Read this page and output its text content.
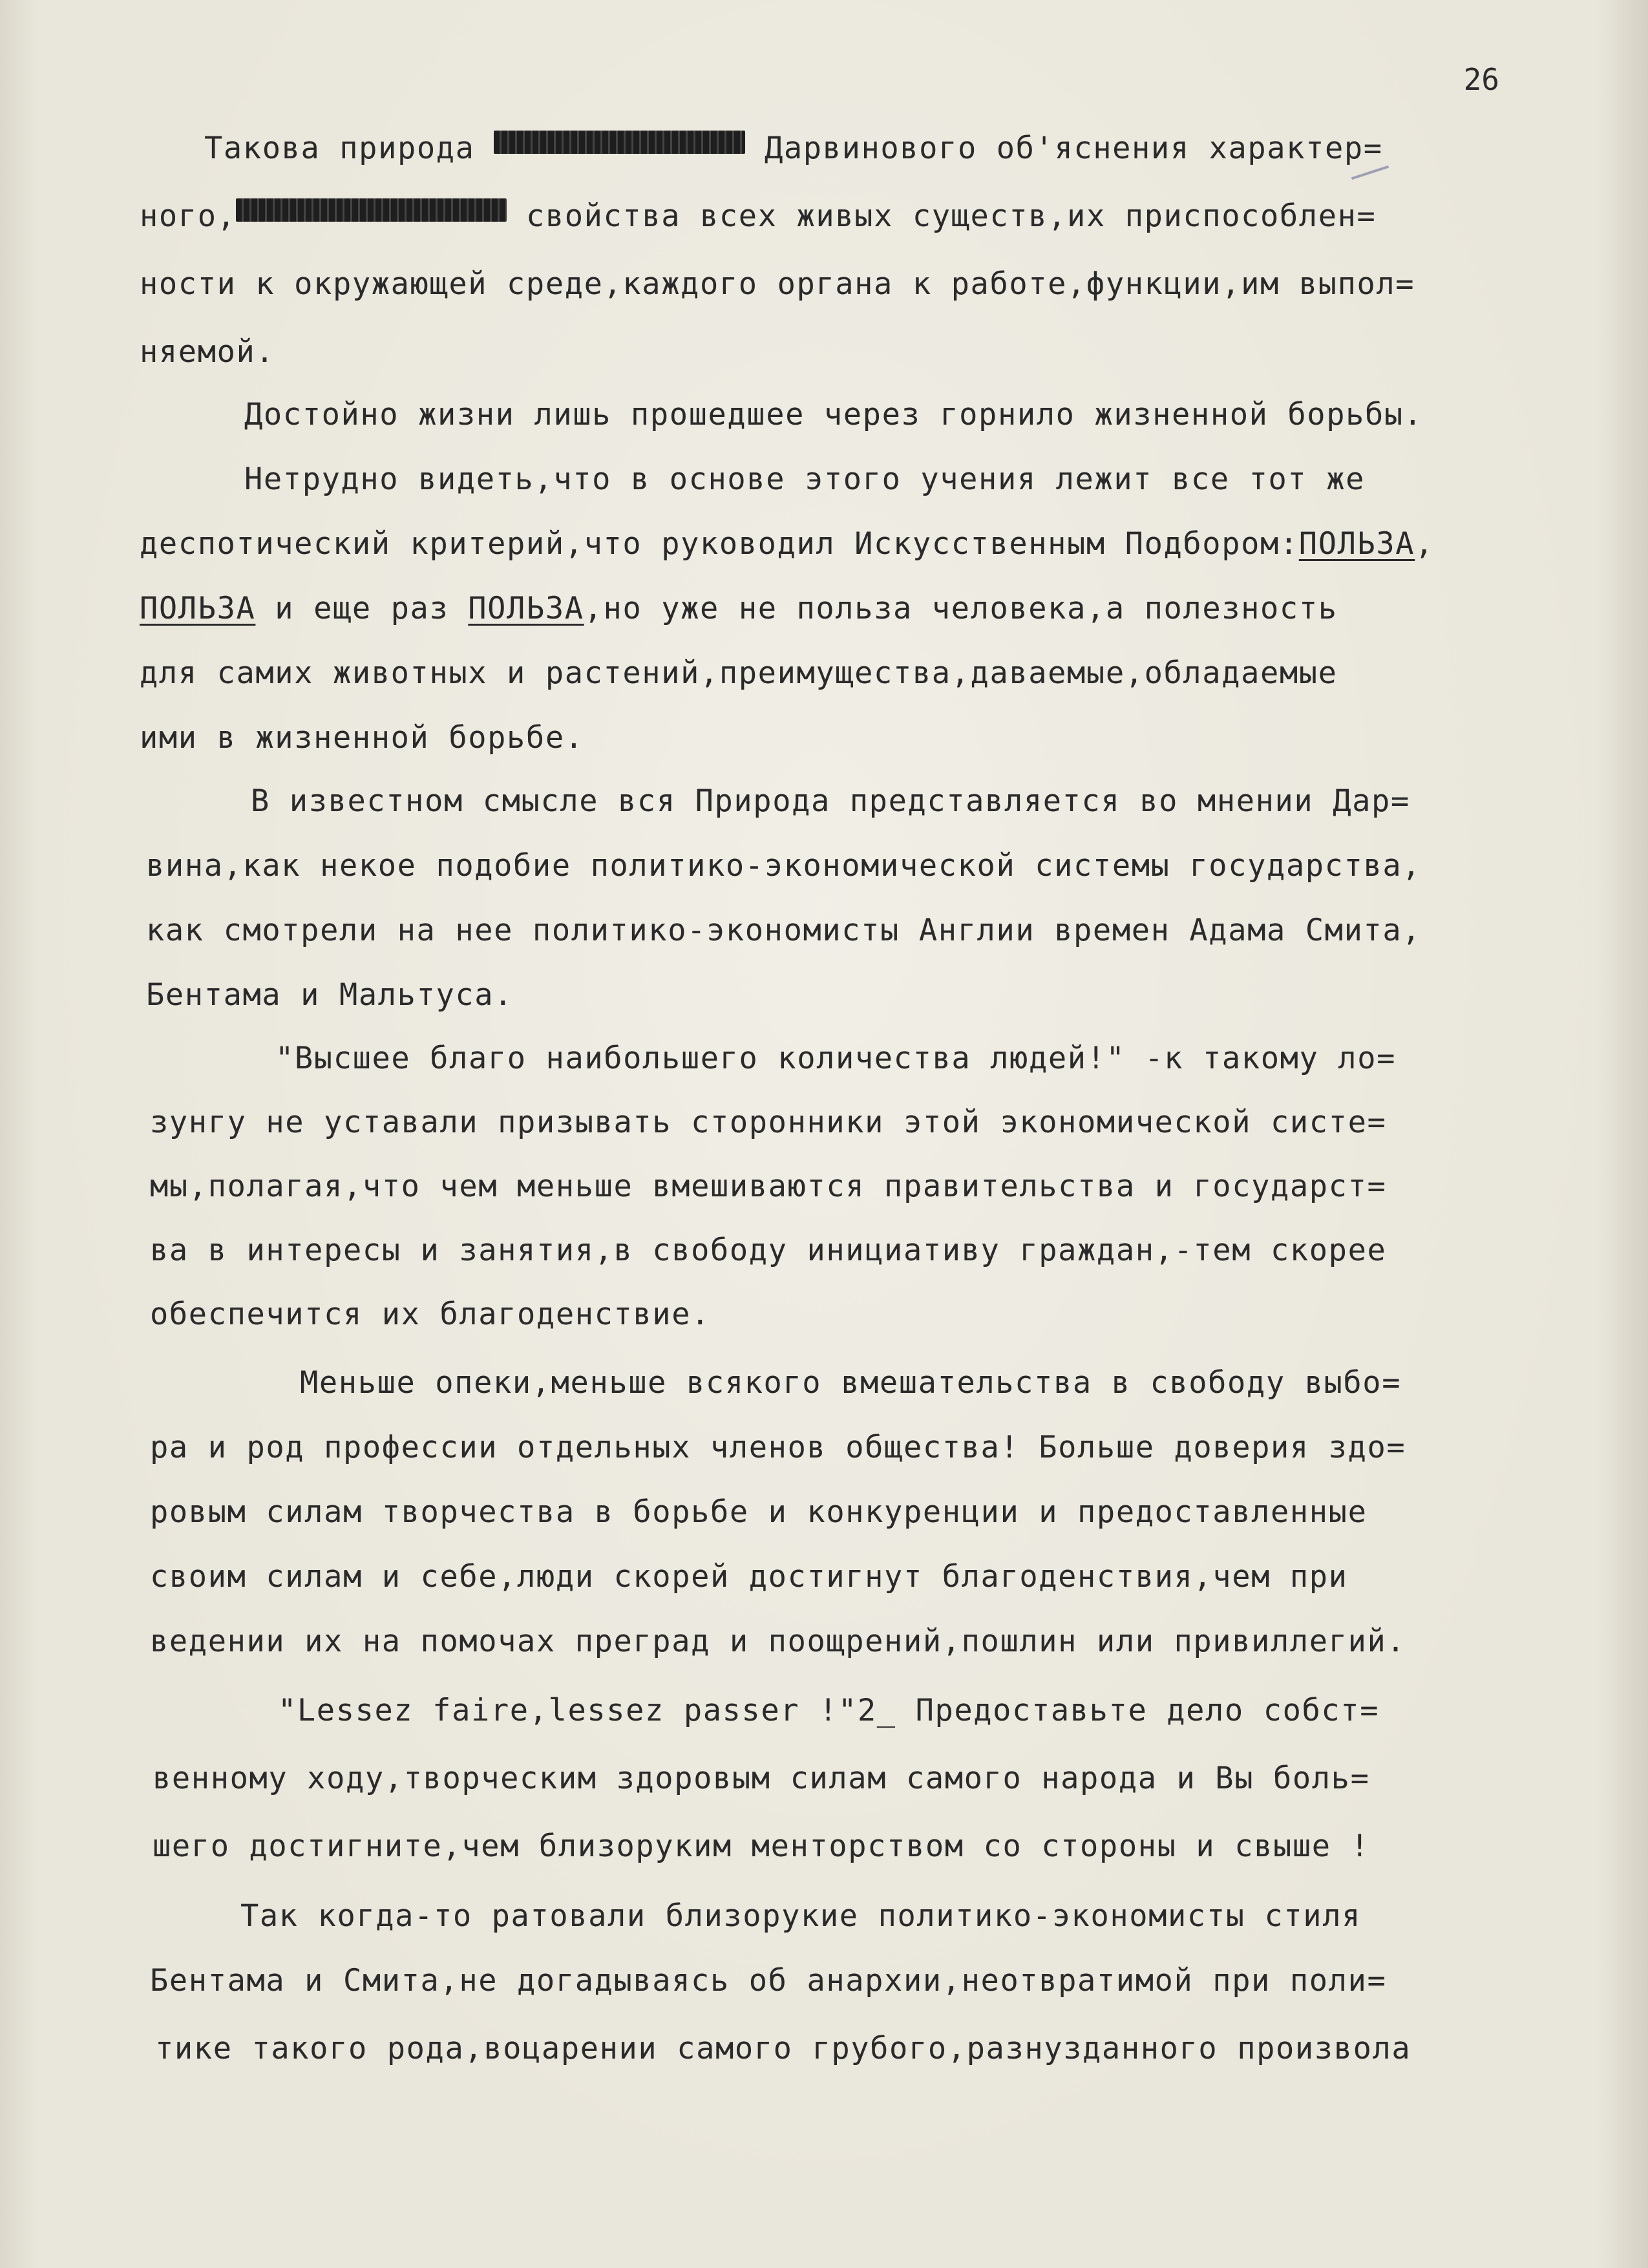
26
Такова природа	Дарвинового об'яснения характер=
ного,	свойства всех живых существ,их приспособлен=
ности к окружающей среде,каждого органа к работе,функции,им выпол=
няемой.
Достойно жизни лишь прошедшее через горнило жизненной борьбы.
Нетрудно видеть,что в основе этого учения лежит все тот же
деспотический критерий,что руководил Искусственным Подбором:ПОЛЬЗА,
ПОЛЬЗА и еще раз ПОЛЬЗА,но уже не польза человека,а полезность
для самих животных и растений,преимущества,даваемые,обладаемые
ими в жизненной борьбе.
В известном смысле вся Природа представляется во мнении Дар=
вина,как некое подобие политико-экономической системы государства,
как смотрели на нее политико-экономисты Англии времен Адама Смита,
Бентама и Мальтуса.
"Высшее благо наибольшего количества людей!" -к такому ло=
зунгу не уставали призывать сторонники этой экономической систе=
мы,полагая,что чем меньше вмешиваются правительства и государст=
ва в интересы и занятия,в свободу инициативу граждан,-тем скорее
обеспечится их благоденствие.
Меньше опеки,меньше всякого вмешательства в свободу выбо=
ра и род профессии отдельных членов общества! Больше доверия здо=
ровым силам творчества в борьбе и конкуренции и предоставленные
своим силам и себе,люди скорей достигнут благоденствия,чем при
ведении их на помочах преград и поощрений,пошлин или привиллегий.
"Lessez faire,lessez passer !"2_ Предоставьте дело собст=
венному ходу,творческим здоровым силам самого народа и Вы боль=
шего достигните,чем близоруким менторством со стороны и свыше !
Так когда-то ратовали близорукие политико-экономисты стиля
Бентама и Смита,не догадываясь об анархии,неотвратимой при поли=
тике такого рода,воцарении самого грубого,разнузданного произвола
